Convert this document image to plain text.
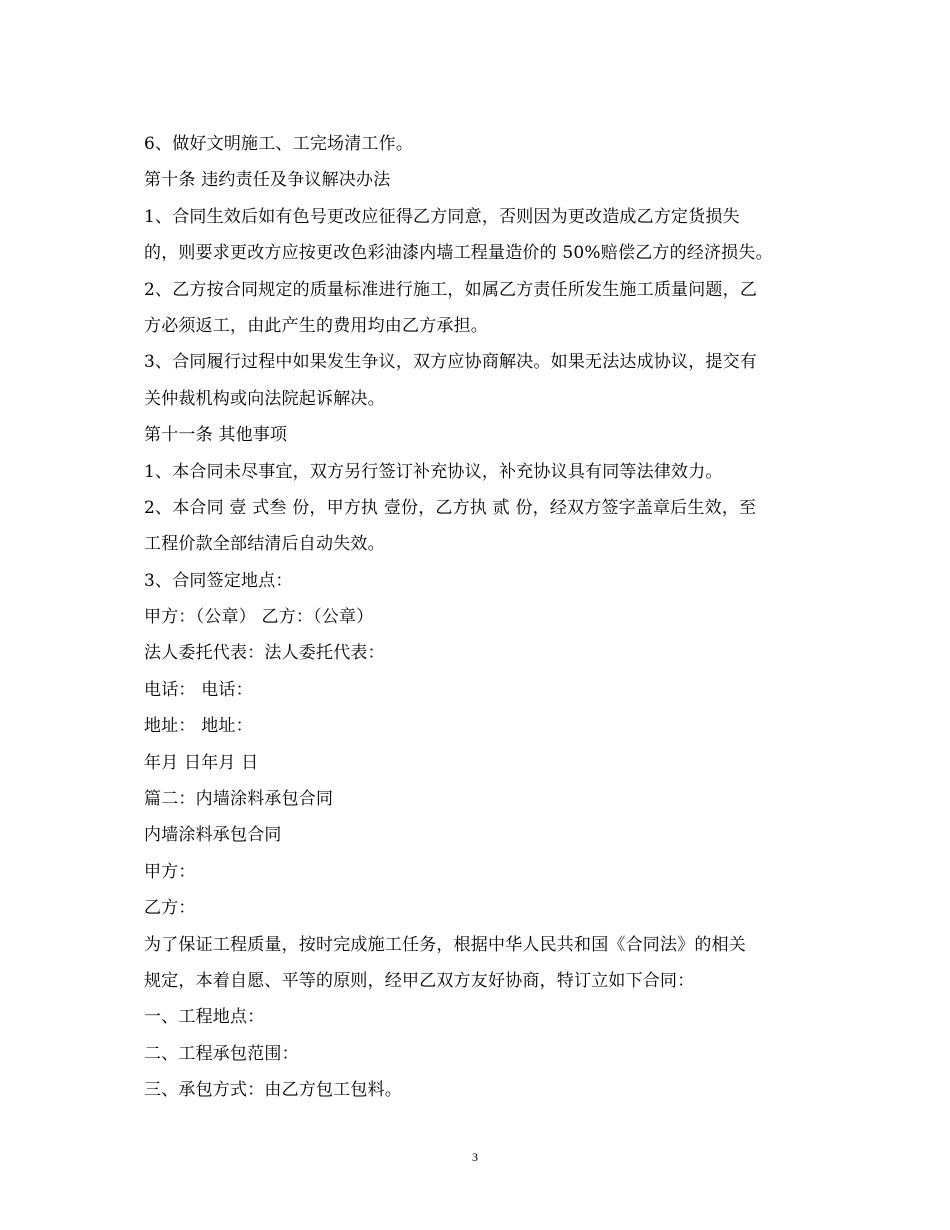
6、做好文明施工、工完场清工作。
第十条 违约责任及争议解决办法
1、合同生效后如有色号更改应征得乙方同意，否则因为更改造成乙方定货损失
的，则要求更改方应按更改色彩油漆内墙工程量造价的 50%赔偿乙方的经济损失。
2、乙方按合同规定的质量标准进行施工，如属乙方责任所发生施工质量问题，乙
方必须返工，由此产生的费用均由乙方承担。
3、合同履行过程中如果发生争议，双方应协商解决。如果无法达成协议，提交有
关仲裁机构或向法院起诉解决。
第十一条 其他事项
1、本合同未尽事宜，双方另行签订补充协议，补充协议具有同等法律效力。
2、本合同 壹 式叁 份，甲方执 壹份，乙方执 贰 份，经双方签字盖章后生效，至
工程价款全部结清后自动失效。
3、合同签定地点：
甲方：（公章） 乙方：（公章）
法人委托代表：法人委托代表：
电话： 电话：
地址： 地址：
年月 日年月 日
篇二：内墙涂料承包合同
内墙涂料承包合同
甲方：
乙方：
为了保证工程质量，按时完成施工任务，根据中华人民共和国《合同法》的相关
规定，本着自愿、平等的原则，经甲乙双方友好协商，特订立如下合同：
一、工程地点：
二、工程承包范围：
三、承包方式：由乙方包工包料。
3
